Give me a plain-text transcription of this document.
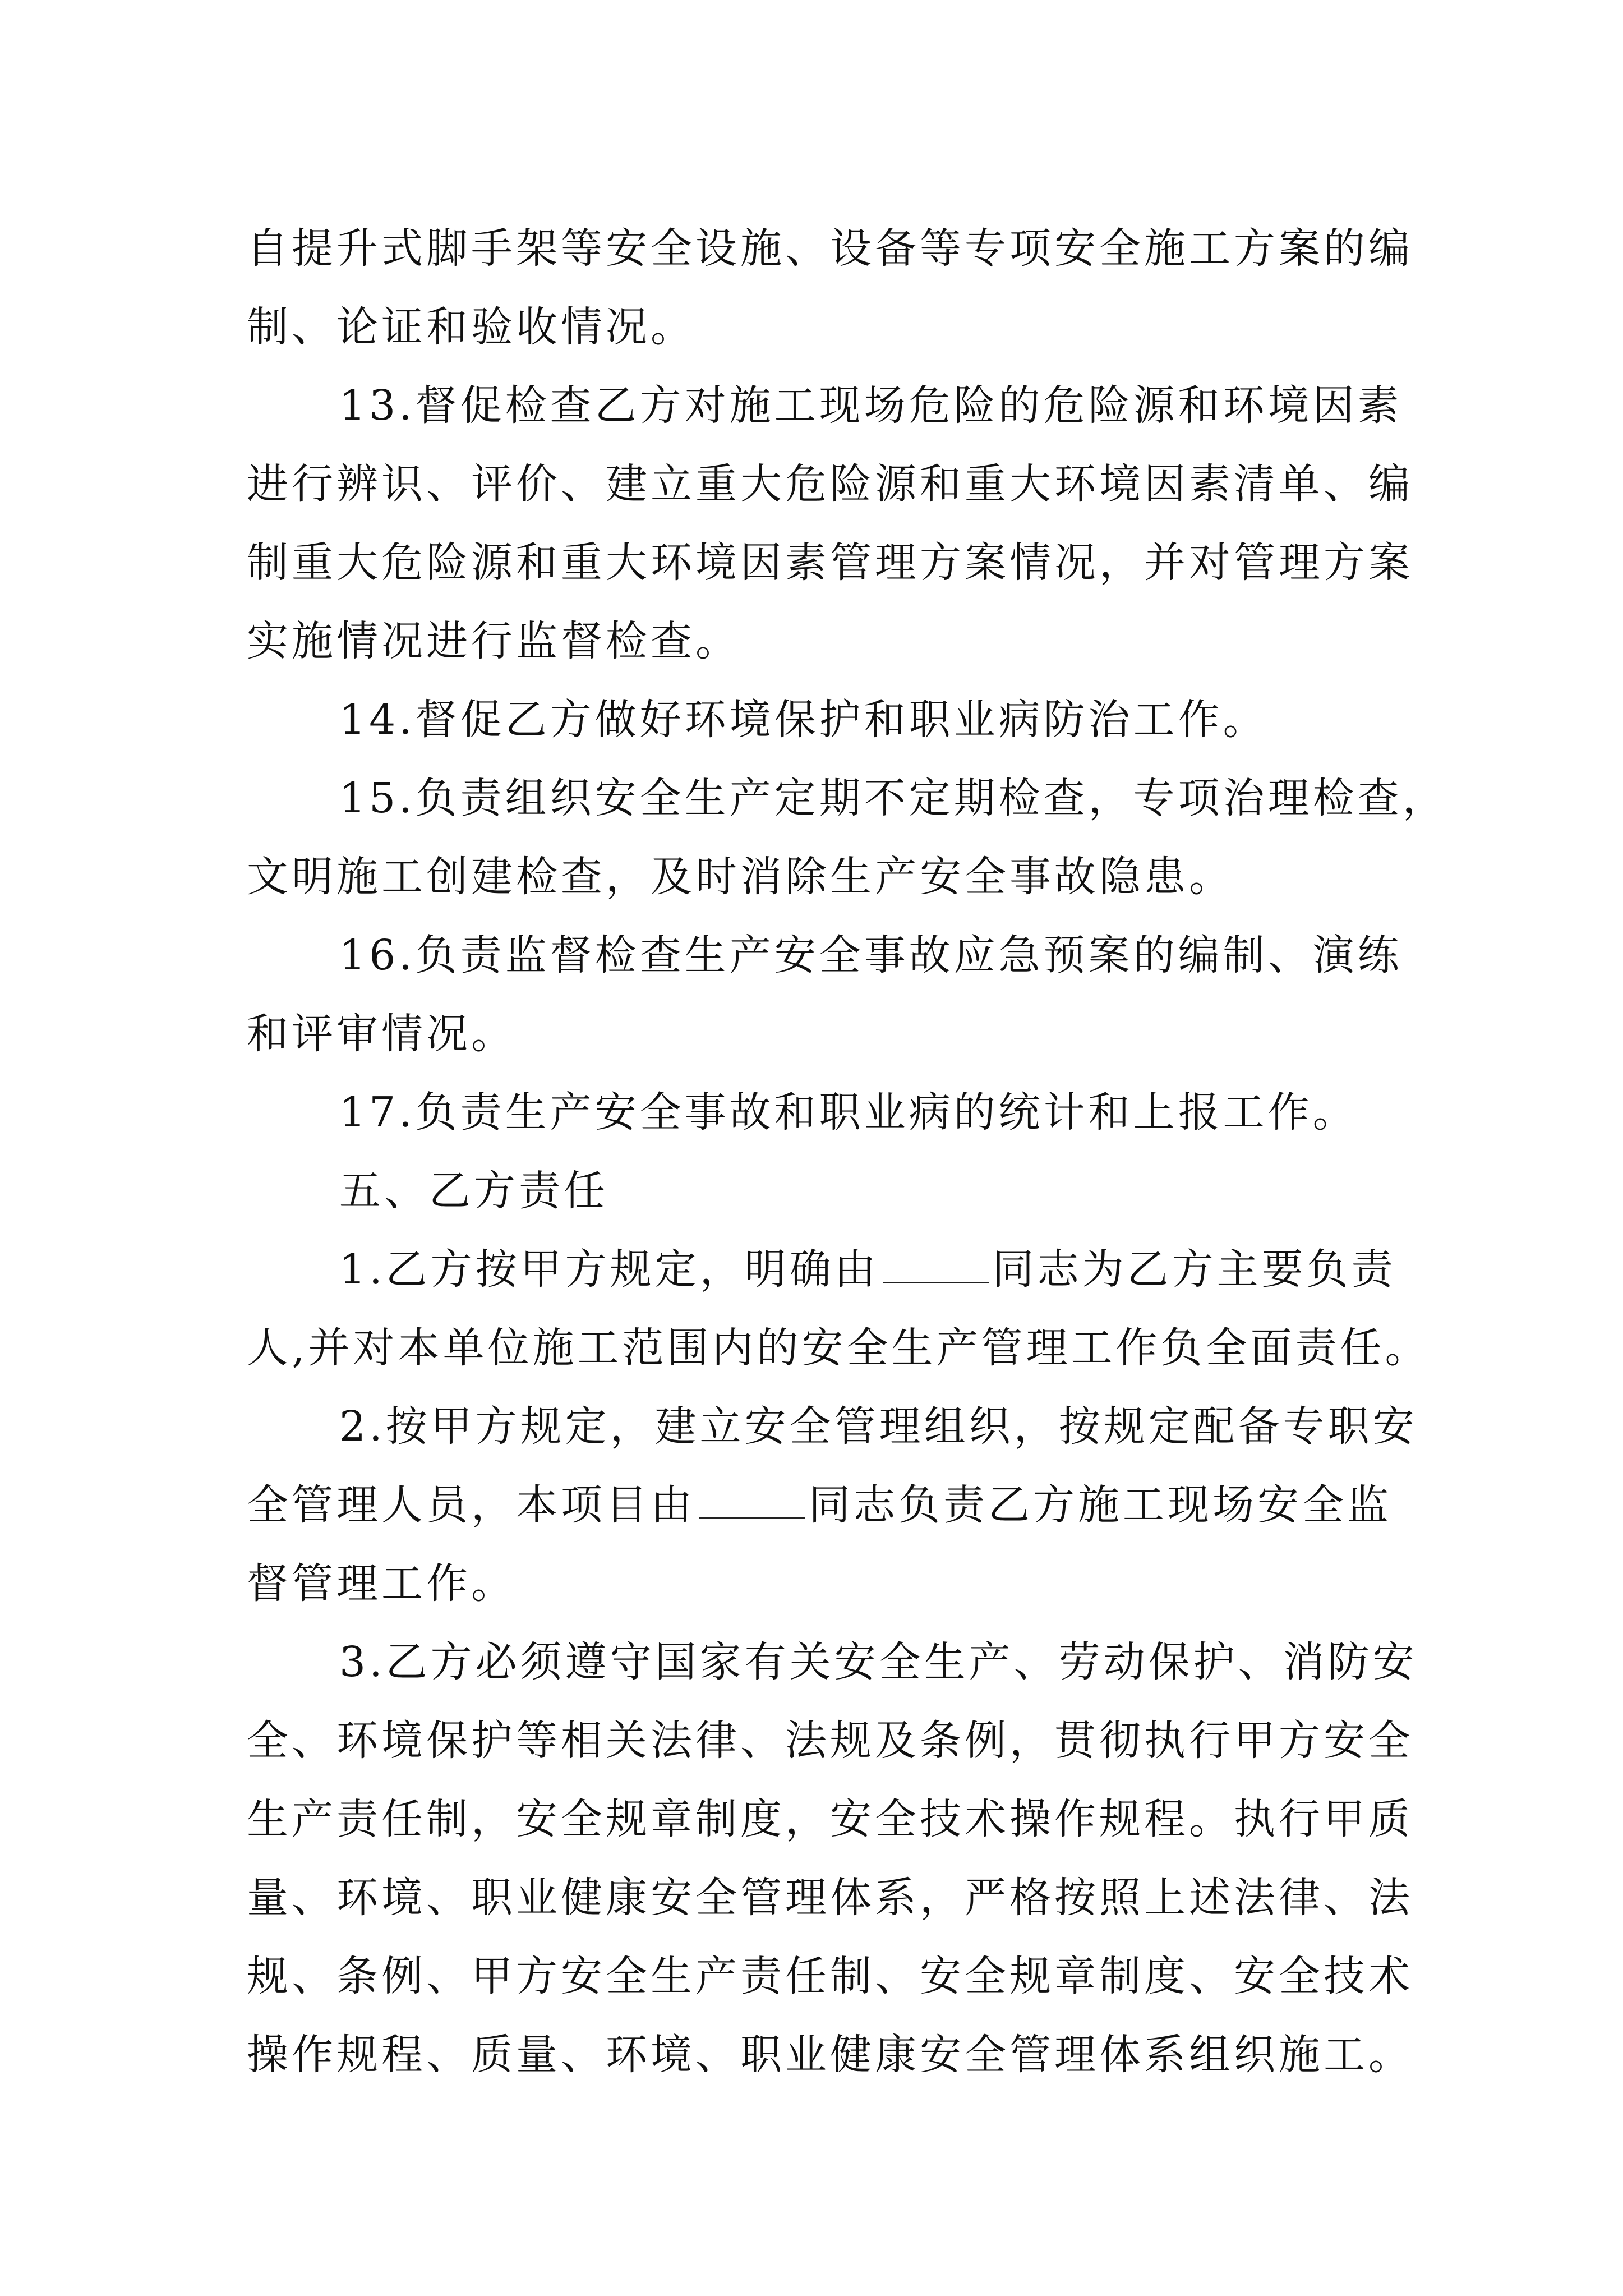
自提升式脚手架等安全设施、设备等专项安全施工方案的编
制、论证和验收情况。
13.督促检查乙方对施工现场危险的危险源和环境因素
进行辨识、评价、建立重大危险源和重大环境因素清单、编
制重大危险源和重大环境因素管理方案情况，并对管理方案
实施情况进行监督检查。
14.督促乙方做好环境保护和职业病防治工作。
15.负责组织安全生产定期不定期检查，专项治理检查，
文明施工创建检查，及时消除生产安全事故隐患。
16.负责监督检查生产安全事故应急预案的编制、演练
和评审情况。
17.负责生产安全事故和职业病的统计和上报工作。
五、乙方责任
1.乙方按甲方规定，明确由	同志为乙方主要负责
人,并对本单位施工范围内的安全生产管理工作负全面责任。
2.按甲方规定，建立安全管理组织，按规定配备专职安
全管理人员，本项目由	同志负责乙方施工现场安全监
督管理工作。
3.乙方必须遵守国家有关安全生产、劳动保护、消防安
全、环境保护等相关法律、法规及条例，贯彻执行甲方安全
生产责任制，安全规章制度，安全技术操作规程。执行甲质
量、环境、职业健康安全管理体系，严格按照上述法律、法
规、条例、甲方安全生产责任制、安全规章制度、安全技术
操作规程、质量、环境、职业健康安全管理体系组织施工。
